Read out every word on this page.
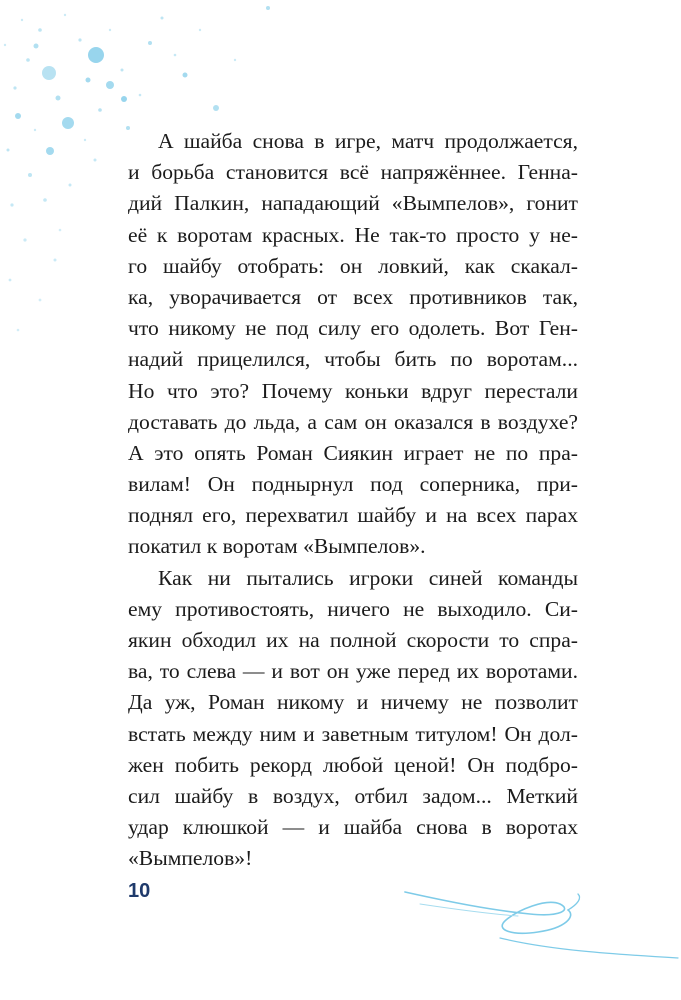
А шайба снова в игре, матч продолжается,
и борьба становится всё напряжённее. Генна-
дий Палкин, нападающий «Вымпелов», гонит
её к воротам красных. Не так-то просто у не-
го шайбу отобрать: он ловкий, как скакал-
ка, уворачивается от всех противников так,
что никому не под силу его одолеть. Вот Ген-
надий прицелился, чтобы бить по воротам...
Но что это? Почему коньки вдруг перестали
доставать до льда, а сам он оказался в воздухе?
А это опять Роман Сиякин играет не по пра-
вилам! Он поднырнул под соперника, при-
поднял его, перехватил шайбу и на всех парах
покатил к воротам «Вымпелов».
Как ни пытались игроки синей команды
ему противостоять, ничего не выходило. Си-
якин обходил их на полной скорости то спра-
ва, то слева — и вот он уже перед их воротами.
Да уж, Роман никому и ничему не позволит
встать между ним и заветным титулом! Он дол-
жен побить рекорд любой ценой! Он подбро-
сил шайбу в воздух, отбил задом... Меткий
удар клюшкой — и шайба снова в воротах
«Вымпелов»!
10
